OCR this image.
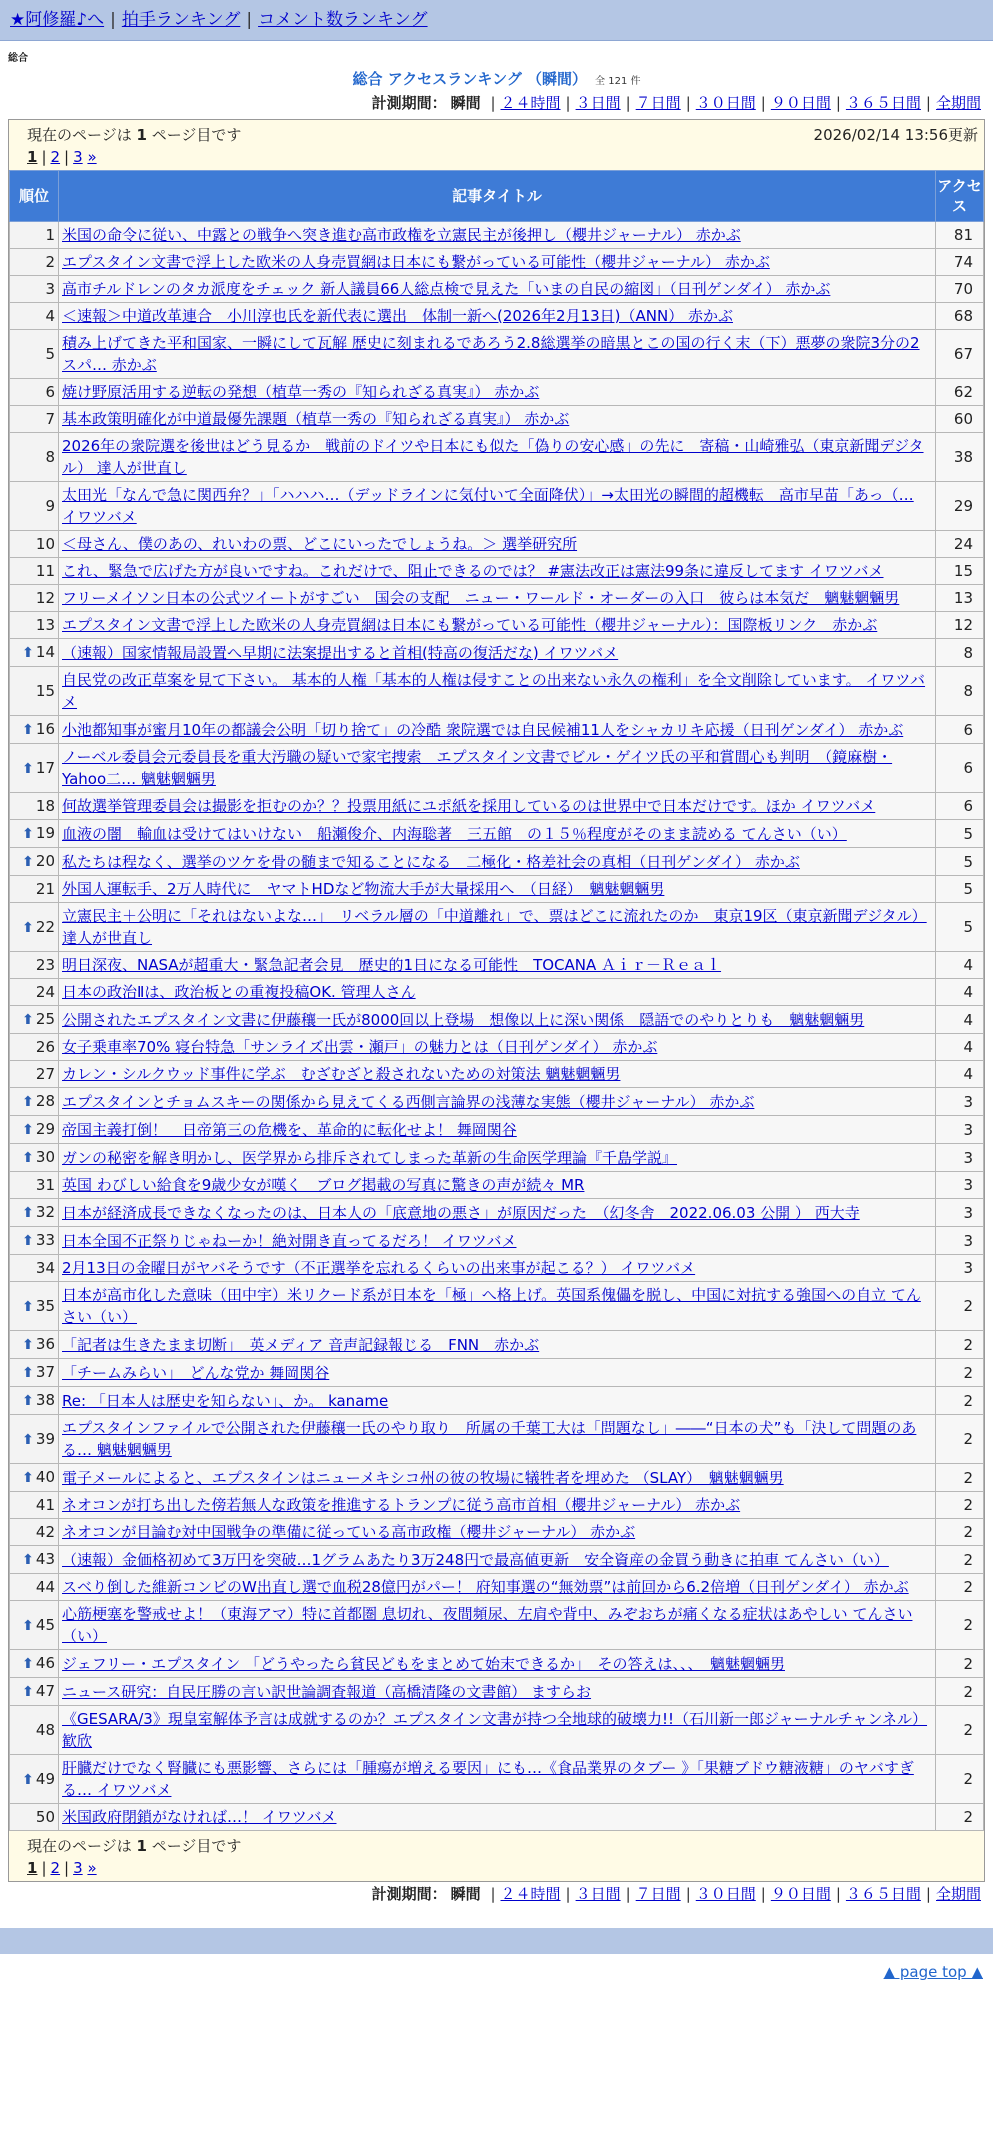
★阿修羅♪へ | 拍手ランキング | コメント数ランキング
総合
総合 アクセスランキング （瞬間） 全 121 件
計測期間： 瞬間 | ２４時間 | ３日間 | ７日間 | ３０日間 | ９０日間 | ３６５日間 | 全期間
現在のページは 1 ページ目です	2026/02/14 13:56更新
1 | 2 | 3 »
順位	記事タイトル	アクセス
1	米国の命令に従い、中露との戦争へ突き進む高市政権を立憲民主が後押し（櫻井ジャーナル） 赤かぶ	81
2	エプスタイン文書で浮上した欧米の人身売買網は日本にも繋がっている可能性（櫻井ジャーナル） 赤かぶ	74
3	高市チルドレンのタカ派度をチェック 新人議員66人総点検で見えた「いまの自民の縮図」（日刊ゲンダイ） 赤かぶ	70
4	＜速報＞中道改革連合　小川淳也氏を新代表に選出　体制一新へ(2026年2月13日)（ANN） 赤かぶ	68
5	積み上げてきた平和国家、一瞬にして瓦解 歴史に刻まれるであろう2.8総選挙の暗黒とこの国の行く末（下）悪夢の衆院3分の2 スパ… 赤かぶ	67
6	焼け野原活用する逆転の発想（植草一秀の『知られざる真実』） 赤かぶ	62
7	基本政策明確化が中道最優先課題（植草一秀の『知られざる真実』） 赤かぶ	60
8	2026年の衆院選を後世はどう見るか　戦前のドイツや日本にも似た「偽りの安心感」の先に　寄稿・山崎雅弘（東京新聞デジタル） 達人が世直し	38
9	太田光「なんで急に関西弁？」「ハハハ…（デッドラインに気付いて全面降伏）」→太田光の瞬間的超機転　高市早苗「あっ（… イワツバメ	29
10	＜母さん、僕のあの、れいわの票、どこにいったでしょうね。＞ 選挙研究所	24
11	これ、緊急で広げた方が良いですね。これだけで、阻止できるのでは？ #憲法改正は憲法99条に違反してます イワツバメ	15
12	フリーメイソン日本の公式ツイートがすごい　国会の支配　ニュー・ワールド・オーダーの入口　彼らは本気だ　魑魅魍魎男	13
13	エプスタイン文書で浮上した欧米の人身売買網は日本にも繋がっている可能性（櫻井ジャーナル）：国際板リンク　赤かぶ	12
⬆ 14	（速報）国家情報局設置へ早期に法案提出すると首相(特高の復活だな) イワツバメ	8
15	自民党の改正草案を見て下さい。 基本的人権「基本的人権は侵すことの出来ない永久の権利」を全文削除しています。 イワツバメ	8
⬆ 16	小池都知事が蜜月10年の都議会公明「切り捨て」の冷酷 衆院選では自民候補11人をシャカリキ応援（日刊ゲンダイ） 赤かぶ	6
⬆ 17	ノーベル委員会元委員長を重大汚職の疑いで家宅捜索　エプスタイン文書でビル・ゲイツ氏の平和賞間心も判明　（鏡麻樹・Yahoo二… 魑魅魍魎男	6
18	何故選挙管理委員会は撮影を拒むのか？？投票用紙にユポ紙を採用しているのは世界中で日本だけです。ほか イワツバメ	6
⬆ 19	血液の闇　輸血は受けてはいけない　船瀬俊介、内海聡著　三五館　の１５％程度がそのまま読める てんさい（い）	5
⬆ 20	私たちは程なく、選挙のツケを骨の髄まで知ることになる　二極化・格差社会の真相（日刊ゲンダイ） 赤かぶ	5
21	外国人運転手、2万人時代に　ヤマトHDなど物流大手が大量採用へ　（日経）　魑魅魍魎男	5
⬆ 22	立憲民主＋公明に「それはないよな…」　リベラル層の「中道離れ」で、票はどこに流れたのか　東京19区（東京新聞デジタル） 達人が世直し	5
23	明日深夜、NASAが超重大・緊急記者会見　歴史的1日になる可能性　TOCANA Ａｉｒ－Ｒｅａｌ	4
24	日本の政治Ⅱは、政治板との重複投稿OK. 管理人さん	4
⬆ 25	公開されたエプスタイン文書に伊藤穰一氏が8000回以上登場　想像以上に深い関係　隠語でのやりとりも　魑魅魍魎男	4
26	女子乗車率70% 寝台特急「サンライズ出雲・瀬戸」の魅力とは（日刊ゲンダイ） 赤かぶ	4
27	カレン・シルクウッド事件に学ぶ　むざむざと殺されないための対策法 魑魅魍魎男	4
⬆ 28	エプスタインとチョムスキーの関係から見えてくる西側言論界の浅薄な実態（櫻井ジャーナル） 赤かぶ	3
⬆ 29	帝国主義打倒！　日帝第三の危機を、革命的に転化せよ！ 舞岡関谷	3
⬆ 30	ガンの秘密を解き明かし、医学界から排斥されてしまった革新の生命医学理論『千島学説』	3
31	英国 わびしい給食を9歳少女が嘆く　ブログ掲載の写真に驚きの声が続々 MR	3
⬆ 32	日本が経済成長できなくなったのは、日本人の「底意地の悪さ」が原因だった　（幻冬舎　2022.06.03 公開 ） 西大寺	3
⬆ 33	日本全国不正祭りじゃねーか！絶対開き直ってるだろ！ イワツバメ	3
34	2月13日の金曜日がヤバそうです（不正選挙を忘れるくらいの出来事が起こる？） イワツバメ	3
⬆ 35	日本が高市化した意味（田中宇）米リクード系が日本を「極」へ格上げ。英国系傀儡を脱し、中国に対抗する強国への自立 てんさい（い）	2
⬆ 36	「記者は生きたまま切断」　英メディア 音声記録報じる　FNN　赤かぶ	2
⬆ 37	「チームみらい」　どんな党か 舞岡関谷	2
⬆ 38	Re: 「日本人は歴史を知らない」、か。 kaname	2
⬆ 39	エプスタインファイルで公開された伊藤穰一氏のやり取り　所属の千葉工大は「問題なし」――“日本の犬”も「決して問題のある… 魑魅魍魎男	2
⬆ 40	電子メールによると、エプスタインはニューメキシコ州の彼の牧場に犠牲者を埋めた （SLAY）　魑魅魍魎男	2
41	ネオコンが打ち出した傍若無人な政策を推進するトランプに従う高市首相（櫻井ジャーナル） 赤かぶ	2
42	ネオコンが目論む対中国戦争の準備に従っている高市政権（櫻井ジャーナル） 赤かぶ	2
⬆ 43	（速報）金価格初めて3万円を突破…1グラムあたり3万248円で最高値更新　安全資産の金買う動きに拍車 てんさい（い）	2
44	スベり倒した維新コンビのW出直し選で血税28億円がパー！ 府知事選の“無効票”は前回から6.2倍増（日刊ゲンダイ） 赤かぶ	2
⬆ 45	心筋梗塞を警戒せよ！（東海アマ）特に首都圏 息切れ、夜間頻尿、左肩や背中、みぞおちが痛くなる症状はあやしい てんさい（い）	2
⬆ 46	ジェフリー・エプスタイン 「どうやったら貧民どもをまとめて始末できるか」　その答えは、、、　魑魅魍魎男	2
⬆ 47	ニュース研究：自民圧勝の言い訳世論調査報道（高橋清隆の文書館） ますらお	2
48	《GESARA/3》現皇室解体予言は成就するのか？エプスタイン文書が持つ全地球的破壊力!!（石川新一郎ジャーナルチャンネル） 歓欣	2
⬆ 49	肝臓だけでなく腎臓にも悪影響、さらには「腫瘍が増える要因」にも…《食品業界のタブー 》「果糖ブドウ糖液糖」のヤバすぎる… イワツバメ	2
50	米国政府閉鎖がなければ…！ イワツバメ	2
現在のページは 1 ページ目です
1 | 2 | 3 »
計測期間： 瞬間 | ２４時間 | ３日間 | ７日間 | ３０日間 | ９０日間 | ３６５日間 | 全期間
▲ page top ▲
